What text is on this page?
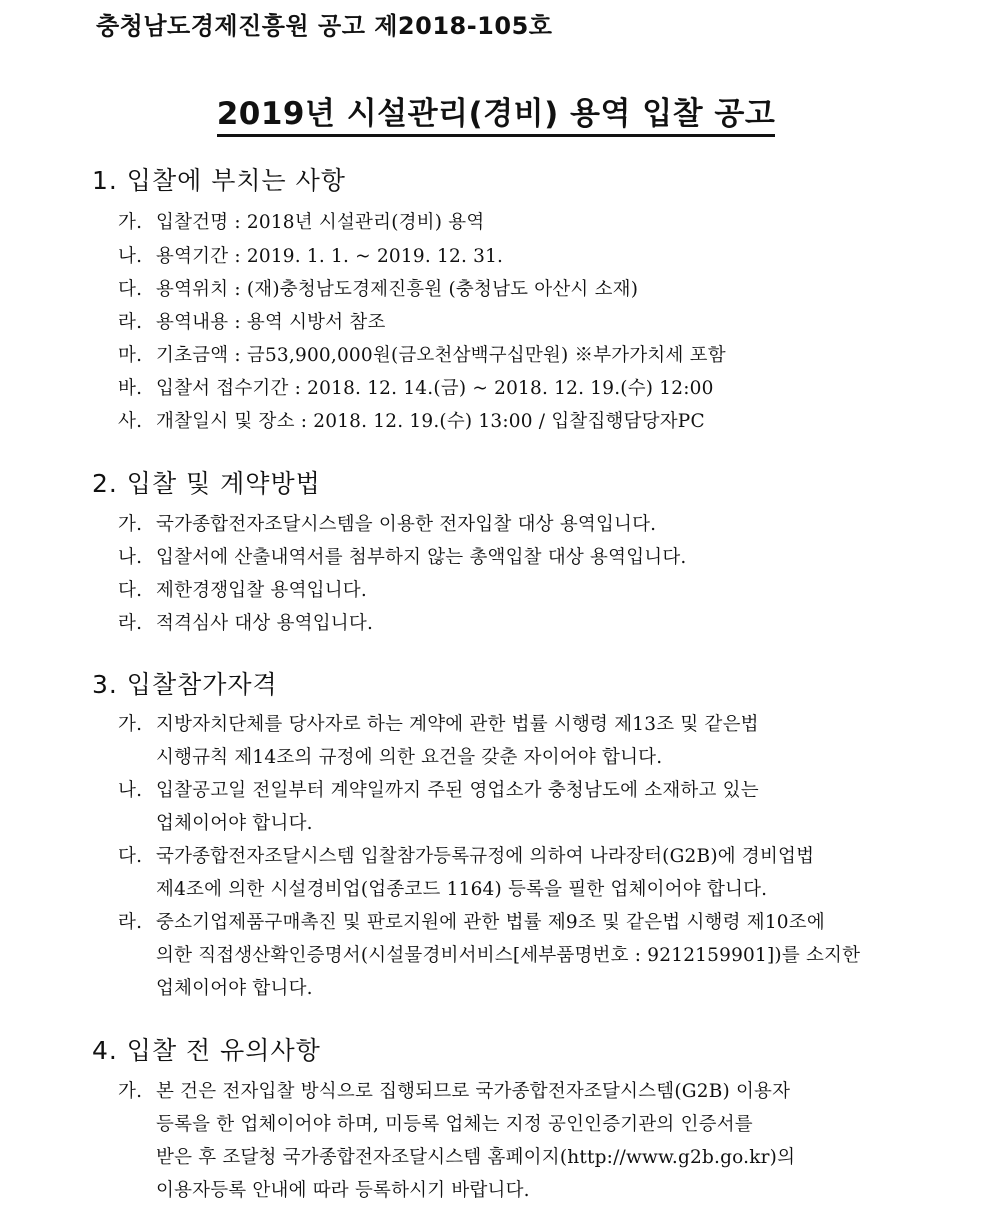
충청남도경제진흥원 공고 제2018-105호
2019년 시설관리(경비) 용역 입찰 공고
1. 입찰에 부치는 사항
가. 입찰건명 : 2018년 시설관리(경비) 용역
나. 용역기간 : 2019. 1. 1. ~ 2019. 12. 31.
다. 용역위치 : (재)충청남도경제진흥원 (충청남도 아산시 소재)
라. 용역내용 : 용역 시방서 참조
마. 기초금액 : 금53,900,000원(금오천삼백구십만원) ※부가가치세 포함
바. 입찰서 접수기간 : 2018. 12. 14.(금) ~ 2018. 12. 19.(수) 12:00
사. 개찰일시 및 장소 : 2018. 12. 19.(수) 13:00 / 입찰집행담당자PC
2. 입찰 및 계약방법
가. 국가종합전자조달시스템을 이용한 전자입찰 대상 용역입니다.
나. 입찰서에 산출내역서를 첨부하지 않는 총액입찰 대상 용역입니다.
다. 제한경쟁입찰 용역입니다.
라. 적격심사 대상 용역입니다.
3. 입찰참가자격
가. 지방자치단체를 당사자로 하는 계약에 관한 법률 시행령 제13조 및 같은법
시행규칙 제14조의 규정에 의한 요건을 갖춘 자이어야 합니다.
나. 입찰공고일 전일부터 계약일까지 주된 영업소가 충청남도에 소재하고 있는
업체이어야 합니다.
다. 국가종합전자조달시스템 입찰참가등록규정에 의하여 나라장터(G2B)에 경비업법
제4조에 의한 시설경비업(업종코드 1164) 등록을 필한 업체이어야 합니다.
라. 중소기업제품구매촉진 및 판로지원에 관한 법률 제9조 및 같은법 시행령 제10조에
의한 직접생산확인증명서(시설물경비서비스[세부품명번호 : 9212159901])를 소지한
업체이어야 합니다.
4. 입찰 전 유의사항
가. 본 건은 전자입찰 방식으로 집행되므로 국가종합전자조달시스템(G2B) 이용자
등록을 한 업체이어야 하며, 미등록 업체는 지정 공인인증기관의 인증서를
받은 후 조달청 국가종합전자조달시스템 홈페이지(http://www.g2b.go.kr)의
이용자등록 안내에 따라 등록하시기 바랍니다.
